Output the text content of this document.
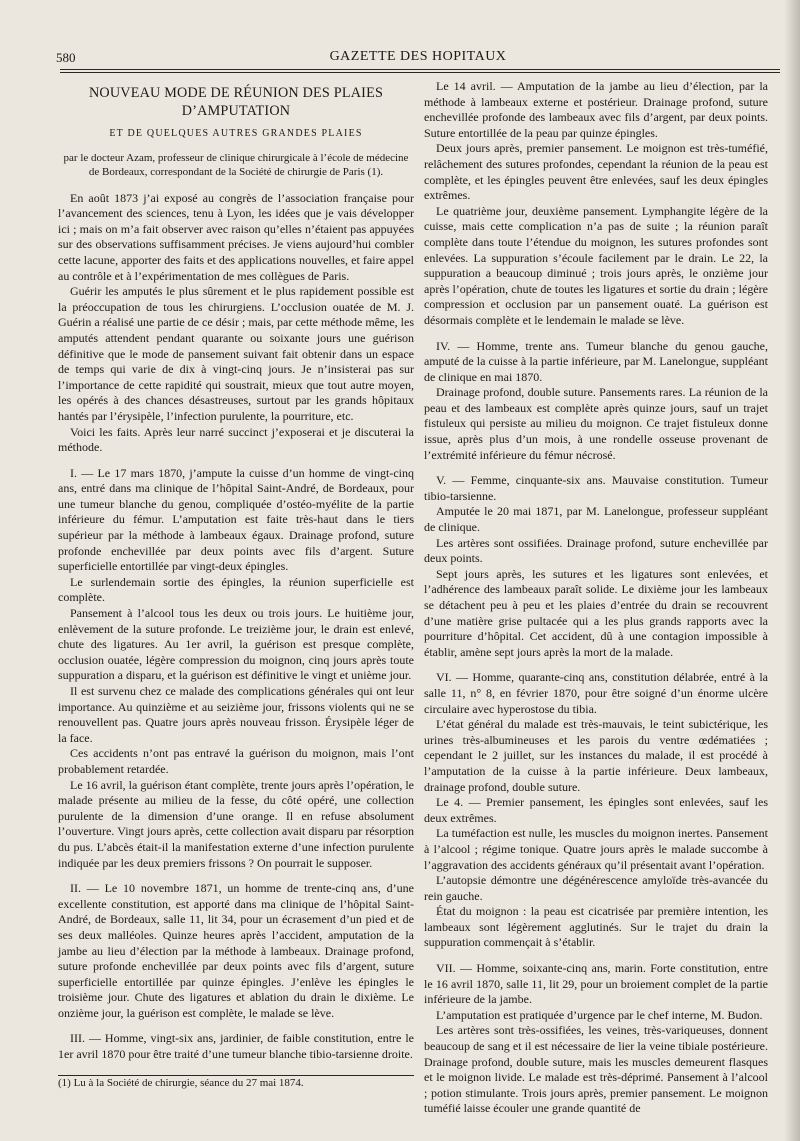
580	GAZETTE DES HOPITAUX
NOUVEAU MODE DE RÉUNION DES PLAIES D’AMPUTATION
ET DE QUELQUES AUTRES GRANDES PLAIES
par le docteur Azam, professeur de clinique chirurgicale à l’école de médecine de Bordeaux, correspondant de la Société de chirurgie de Paris (1).

En août 1873 j’ai exposé au congrès de l’association française pour l’avancement des sciences, tenu à Lyon, les idées que je vais développer ici ; mais on m’a fait observer avec raison qu’elles n’étaient pas appuyées sur des observations suffisamment précises. Je viens aujourd’hui combler cette lacune, apporter des faits et des applications nouvelles, et faire appel au contrôle et à l’expérimentation de mes collègues de Paris.

Guérir les amputés le plus sûrement et le plus rapidement possible est la préoccupation de tous les chirurgiens. L’occlusion ouatée de M. J. Guérin a réalisé une partie de ce désir ; mais, par cette méthode même, les amputés attendent pendant quarante ou soixante jours une guérison définitive que le mode de pansement suivant fait obtenir dans un espace de temps qui varie de dix à vingt-cinq jours. Je n’insisterai pas sur l’importance de cette rapidité qui soustrait, mieux que tout autre moyen, les opérés à des chances désastreuses, surtout par les grands hôpitaux hantés par l’érysipèle, l’infection purulente, la pourriture, etc.

Voici les faits. Après leur narré succinct j’exposerai et je discuterai la méthode.

I. — Le 17 mars 1870, j’ampute la cuisse d’un homme de vingt-cinq ans, entré dans ma clinique de l’hôpital Saint-André, de Bordeaux, pour une tumeur blanche du genou, compliquée d’ostéo-myélite de la partie inférieure du fémur. L’amputation est faite très-haut dans le tiers supérieur par la méthode à lambeaux égaux. Drainage profond, suture profonde enchevillée par deux points avec fils d’argent. Suture superficielle entortillée par vingt-deux épingles.

Le surlendemain sortie des épingles, la réunion superficielle est complète.

Pansement à l’alcool tous les deux ou trois jours. Le huitième jour, enlèvement de la suture profonde. Le treizième jour, le drain est enlevé, chute des ligatures. Au 1er avril, la guérison est presque complète, occlusion ouatée, légère compression du moignon, cinq jours après toute suppuration a disparu, et la guérison est définitive le vingt et unième jour.

Il est survenu chez ce malade des complications générales qui ont leur importance. Au quinzième et au seizième jour, frissons violents qui ne se renouvellent pas. Quatre jours après nouveau frisson. Érysipèle léger de la face.

Ces accidents n’ont pas entravé la guérison du moignon, mais l’ont probablement retardée.

Le 16 avril, la guérison étant complète, trente jours après l’opération, le malade présente au milieu de la fesse, du côté opéré, une collection purulente de la dimension d’une orange. Il en refuse absolument l’ouverture. Vingt jours après, cette collection avait disparu par résorption du pus. L’abcès était-il la manifestation externe d’une infection purulente indiquée par les deux premiers frissons ? On pourrait le supposer.

II. — Le 10 novembre 1871, un homme de trente-cinq ans, d’une excellente constitution, est apporté dans ma clinique de l’hôpital Saint-André, de Bordeaux, salle 11, lit 34, pour un écrasement d’un pied et de ses deux malléoles. Quinze heures après l’accident, amputation de la jambe au lieu d’élection par la méthode à lambeaux. Drainage profond, suture profonde enchevillée par deux points avec fils d’argent, suture superficielle entortillée par quinze épingles. J’enlève les épingles le troisième jour. Chute des ligatures et ablation du drain le dixième. Le onzième jour, la guérison est complète, le malade se lève.

III. — Homme, vingt-six ans, jardinier, de faible constitution, entre le 1er avril 1870 pour être traité d’une tumeur blanche tibio-tarsienne droite.

(1) Lu à la Société de chirurgie, séance du 27 mai 1874.

Le 14 avril. — Amputation de la jambe au lieu d’élection, par la méthode à lambeaux externe et postérieur. Drainage profond, suture enchevillée profonde des lambeaux avec fils d’argent, par deux points. Suture entortillée de la peau par quinze épingles.

Deux jours après, premier pansement. Le moignon est très-tuméfié, relâchement des sutures profondes, cependant la réunion de la peau est complète, et les épingles peuvent être enlevées, sauf les deux épingles extrêmes.

Le quatrième jour, deuxième pansement. Lymphangite légère de la cuisse, mais cette complication n’a pas de suite ; la réunion paraît complète dans toute l’étendue du moignon, les sutures profondes sont enlevées. La suppuration s’écoule facilement par le drain. Le 22, la suppuration a beaucoup diminué ; trois jours après, le onzième jour après l’opération, chute de toutes les ligatures et sortie du drain ; légère compression et occlusion par un pansement ouaté. La guérison est désormais complète et le lendemain le malade se lève.

IV. — Homme, trente ans. Tumeur blanche du genou gauche, amputé de la cuisse à la partie inférieure, par M. Lanelongue, suppléant de clinique en mai 1870.

Drainage profond, double suture. Pansements rares. La réunion de la peau et des lambeaux est complète après quinze jours, sauf un trajet fistuleux qui persiste au milieu du moignon. Ce trajet fistuleux donne issue, après plus d’un mois, à une rondelle osseuse provenant de l’extrémité inférieure du fémur nécrosé.

V. — Femme, cinquante-six ans. Mauvaise constitution. Tumeur tibio-tarsienne.

Amputée le 20 mai 1871, par M. Lanelongue, professeur suppléant de clinique.

Les artères sont ossifiées. Drainage profond, suture enchevillée par deux points.

Sept jours après, les sutures et les ligatures sont enlevées, et l’adhérence des lambeaux paraît solide. Le dixième jour les lambeaux se détachent peu à peu et les plaies d’entrée du drain se recouvrent d’une matière grise pultacée qui a les plus grands rapports avec la pourriture d’hôpital. Cet accident, dû à une contagion impossible à établir, amène sept jours après la mort de la malade.

VI. — Homme, quarante-cinq ans, constitution délabrée, entré à la salle 11, n° 8, en février 1870, pour être soigné d’un énorme ulcère circulaire avec hyperostose du tibia.

L’état général du malade est très-mauvais, le teint subictérique, les urines très-albumineuses et les parois du ventre œdématiées ; cependant le 2 juillet, sur les instances du malade, il est procédé à l’amputation de la cuisse à la partie inférieure. Deux lambeaux, drainage profond, double suture.

Le 4. — Premier pansement, les épingles sont enlevées, sauf les deux extrêmes.

La tuméfaction est nulle, les muscles du moignon inertes. Pansement à l’alcool ; régime tonique. Quatre jours après le malade succombe à l’aggravation des accidents généraux qu’il présentait avant l’opération.

L’autopsie démontre une dégénérescence amyloïde très-avancée du rein gauche.

État du moignon : la peau est cicatrisée par première intention, les lambeaux sont légèrement agglutinés. Sur le trajet du drain la suppuration commençait à s’établir.

VII. — Homme, soixante-cinq ans, marin. Forte constitution, entre le 16 avril 1870, salle 11, lit 29, pour un broiement complet de la partie inférieure de la jambe.

L’amputation est pratiquée d’urgence par le chef interne, M. Budon.

Les artères sont très-ossifiées, les veines, très-variqueuses, donnent beaucoup de sang et il est nécessaire de lier la veine tibiale postérieure. Drainage profond, double suture, mais les muscles demeurent flasques et le moignon livide. Le malade est très-déprimé. Pansement à l’alcool ; potion stimulante. Trois jours après, premier pansement. Le moignon tuméfié laisse écouler une grande quantité de
